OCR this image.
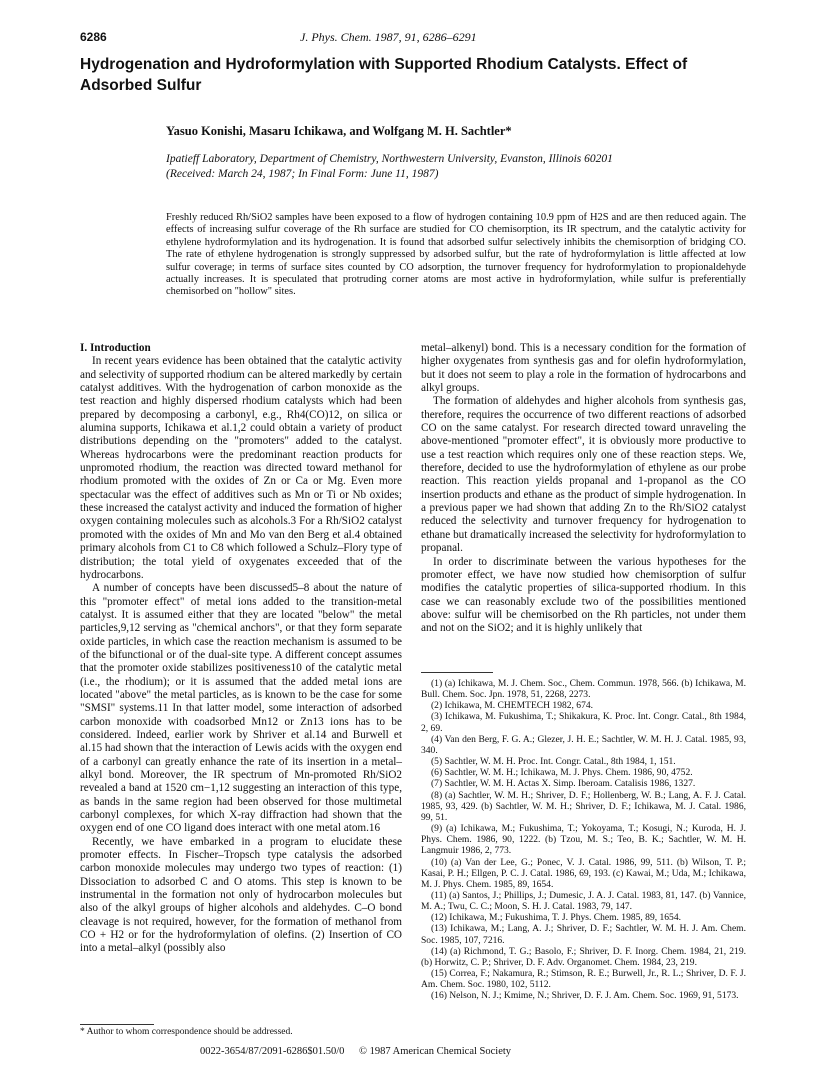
6286	J. Phys. Chem. 1987, 91, 6286–6291
Hydrogenation and Hydroformylation with Supported Rhodium Catalysts. Effect of Adsorbed Sulfur
Yasuo Konishi, Masaru Ichikawa, and Wolfgang M. H. Sachtler*
Ipatieff Laboratory, Department of Chemistry, Northwestern University, Evanston, Illinois 60201
(Received: March 24, 1987; In Final Form: June 11, 1987)
Freshly reduced Rh/SiO2 samples have been exposed to a flow of hydrogen containing 10.9 ppm of H2S and are then reduced again. The effects of increasing sulfur coverage of the Rh surface are studied for CO chemisorption, its IR spectrum, and the catalytic activity for ethylene hydroformylation and its hydrogenation. It is found that adsorbed sulfur selectively inhibits the chemisorption of bridging CO. The rate of ethylene hydrogenation is strongly suppressed by adsorbed sulfur, but the rate of hydroformylation is little affected at low sulfur coverage; in terms of surface sites counted by CO adsorption, the turnover frequency for hydroformylation to propionaldehyde actually increases. It is speculated that protruding corner atoms are most active in hydroformylation, while sulfur is preferentially chemisorbed on "hollow" sites.
I. Introduction

In recent years evidence has been obtained that the catalytic activity and selectivity of supported rhodium can be altered markedly by certain catalyst additives. With the hydrogenation of carbon monoxide as the test reaction and highly dispersed rhodium catalysts which had been prepared by decomposing a carbonyl, e.g., Rh4(CO)12, on silica or alumina supports, Ichikawa et al.1,2 could obtain a variety of product distributions depending on the "promoters" added to the catalyst. Whereas hydrocarbons were the predominant reaction products for unpromoted rhodium, the reaction was directed toward methanol for rhodium promoted with the oxides of Zn or Ca or Mg. Even more spectacular was the effect of additives such as Mn or Ti or Nb oxides; these increased the catalyst activity and induced the formation of higher oxygen containing molecules such as alcohols.3 For a Rh/SiO2 catalyst promoted with the oxides of Mn and Mo van den Berg et al.4 obtained primary alcohols from C1 to C8 which followed a Schulz–Flory type of distribution; the total yield of oxygenates exceeded that of the hydrocarbons.

A number of concepts have been discussed5–8 about the nature of this "promoter effect" of metal ions added to the transition-metal catalyst. It is assumed either that they are located "below" the metal particles,9,12 serving as "chemical anchors", or that they form separate oxide particles, in which case the reaction mechanism is assumed to be of the bifunctional or of the dual-site type. A different concept assumes that the promoter oxide stabilizes positiveness10 of the catalytic metal (i.e., the rhodium); or it is assumed that the added metal ions are located "above" the metal particles, as is known to be the case for some "SMSI" systems.11 In that latter model, some interaction of adsorbed carbon monoxide with coadsorbed Mn12 or Zn13 ions has to be considered. Indeed, earlier work by Shriver et al.14 and Burwell et al.15 had shown that the interaction of Lewis acids with the oxygen end of a carbonyl can greatly enhance the rate of its insertion in a metal–alkyl bond. Moreover, the IR spectrum of Mn-promoted Rh/SiO2 revealed a band at 1520 cm−1,12 suggesting an interaction of this type, as bands in the same region had been observed for those multimetal carbonyl complexes, for which X-ray diffraction had shown that the oxygen end of one CO ligand does interact with one metal atom.16

Recently, we have embarked in a program to elucidate these promoter effects. In Fischer–Tropsch type catalysis the adsorbed carbon monoxide molecules may undergo two types of reaction: (1) Dissociation to adsorbed C and O atoms. This step is known to be instrumental in the formation not only of hydrocarbon molecules but also of the alkyl groups of higher alcohols and aldehydes. C–O bond cleavage is not required, however, for the formation of methanol from CO + H2 or for the hydroformylation of olefins. (2) Insertion of CO into a metal–alkyl (possibly also

metal–alkenyl) bond. This is a necessary condition for the formation of higher oxygenates from synthesis gas and for olefin hydroformylation, but it does not seem to play a role in the formation of hydrocarbons and alkyl groups.

The formation of aldehydes and higher alcohols from synthesis gas, therefore, requires the occurrence of two different reactions of adsorbed CO on the same catalyst. For research directed toward unraveling the above-mentioned "promoter effect", it is obviously more productive to use a test reaction which requires only one of these reaction steps. We, therefore, decided to use the hydroformylation of ethylene as our probe reaction. This reaction yields propanal and 1-propanol as the CO insertion products and ethane as the product of simple hydrogenation. In a previous paper we had shown that adding Zn to the Rh/SiO2 catalyst reduced the selectivity and turnover frequency for hydrogenation to ethane but dramatically increased the selectivity for hydroformylation to propanal.

In order to discriminate between the various hypotheses for the promoter effect, we have now studied how chemisorption of sulfur modifies the catalytic properties of silica-supported rhodium. In this case we can reasonably exclude two of the possibilities mentioned above: sulfur will be chemisorbed on the Rh particles, not under them and not on the SiO2; and it is highly unlikely that

(1) (a) Ichikawa, M. J. Chem. Soc., Chem. Commun. 1978, 566. (b) Ichikawa, M. Bull. Chem. Soc. Jpn. 1978, 51, 2268, 2273.
(2) Ichikawa, M. CHEMTECH 1982, 674.
(3) Ichikawa, M. Fukushima, T.; Shikakura, K. Proc. Int. Congr. Catal., 8th 1984, 2, 69.
(4) Van den Berg, F. G. A.; Glezer, J. H. E.; Sachtler, W. M. H. J. Catal. 1985, 93, 340.
(5) Sachtler, W. M. H. Proc. Int. Congr. Catal., 8th 1984, 1, 151.
(6) Sachtler, W. M. H.; Ichikawa, M. J. Phys. Chem. 1986, 90, 4752.
(7) Sachtler, W. M. H. Actas X. Simp. Iberoam. Catalisis 1986, 1327.
(8) (a) Sachtler, W. M. H.; Shriver, D. F.; Hollenberg, W. B.; Lang, A. F. J. Catal. 1985, 93, 429. (b) Sachtler, W. M. H.; Shriver, D. F.; Ichikawa, M. J. Catal. 1986, 99, 51.
(9) (a) Ichikawa, M.; Fukushima, T.; Yokoyama, T.; Kosugi, N.; Kuroda, H. J. Phys. Chem. 1986, 90, 1222. (b) Tzou, M. S.; Teo, B. K.; Sachtler, W. M. H. Langmuir 1986, 2, 773.
(10) (a) Van der Lee, G.; Ponec, V. J. Catal. 1986, 99, 511. (b) Wilson, T. P.; Kasai, P. H.; Ellgen, P. C. J. Catal. 1986, 69, 193. (c) Kawai, M.; Uda, M.; Ichikawa, M. J. Phys. Chem. 1985, 89, 1654.
(11) (a) Santos, J.; Phillips, J.; Dumesic, J. A. J. Catal. 1983, 81, 147. (b) Vannice, M. A.; Twu, C. C.; Moon, S. H. J. Catal. 1983, 79, 147.
(12) Ichikawa, M.; Fukushima, T. J. Phys. Chem. 1985, 89, 1654.
(13) Ichikawa, M.; Lang, A. J.; Shriver, D. F.; Sachtler, W. M. H. J. Am. Chem. Soc. 1985, 107, 7216.
(14) (a) Richmond, T. G.; Basolo, F.; Shriver, D. F. Inorg. Chem. 1984, 21, 219. (b) Horwitz, C. P.; Shriver, D. F. Adv. Organomet. Chem. 1984, 23, 219.
(15) Correa, F.; Nakamura, R.; Stimson, R. E.; Burwell, Jr., R. L.; Shriver, D. F. J. Am. Chem. Soc. 1980, 102, 5112.
(16) Nelson, N. J.; Kmime, N.; Shriver, D. F. J. Am. Chem. Soc. 1969, 91, 5173.
* Author to whom correspondence should be addressed.
0022-3654/87/2091-6286$01.50/0 © 1987 American Chemical Society
